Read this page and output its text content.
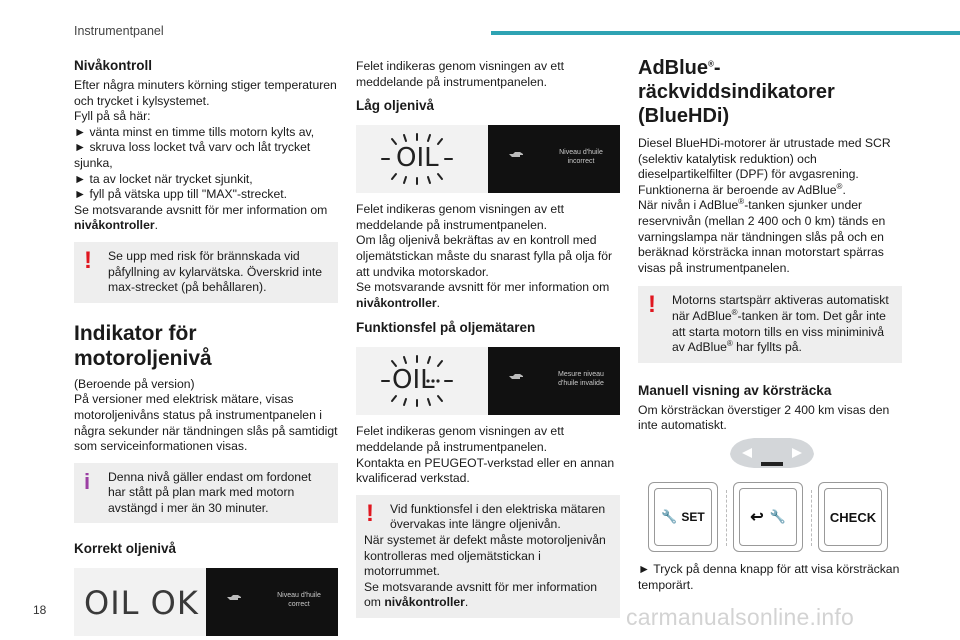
Instrumentpanel
Nivåkontroll

Efter några minuters körning stiger temperaturen och trycket i kylsystemet.

Fyll på så här:

► vänta minst en timme tills motorn kylts av,

► skruva loss locket två varv och låt trycket sjunka,

► ta av locket när trycket sjunkit,

► fyll på vätska upp till "MAX"-strecket.

Se motsvarande avsnitt för mer information om nivåkontroller.

!	Se upp med risk för brännskada vid påfyllning av kylarvätska. Överskrid inte max-strecket (på behållaren).

Indikator för motoroljenivå

(Beroende på version)

På versioner med elektrisk mätare, visas motoroljenivåns status på instrumentpanelen i några sekunder när tändningen slås på samtidigt som serviceinformationen visas.

i	Denna nivå gäller endast om fordonet har stått på plan mark med motorn avstängd i mer än 30 minuter.

Korrekt oljenivå
OIL OK	Niveau d'huile correct

Felet indikeras genom visningen av ett meddelande på instrumentpanelen.

Låg oljenivå
OIL	Niveau d'huile incorrect

Felet indikeras genom visningen av ett meddelande på instrumentpanelen.

Om låg oljenivå bekräftas av en kontroll med oljemätstickan måste du snarast fylla på olja för att undvika motorskador.

Se motsvarande avsnitt för mer information om nivåkontroller.

Funktionsfel på oljemätaren
OIL	Mesure niveau d'huile invalide

Felet indikeras genom visningen av ett meddelande på instrumentpanelen.

Kontakta en PEUGEOT-verkstad eller en annan kvalificerad verkstad.

!	Vid funktionsfel i den elektriska mätaren övervakas inte längre oljenivån.

När systemet är defekt måste motoroljenivån kontrolleras med oljemätstickan i motorrummet.

Se motsvarande avsnitt för mer information om nivåkontroller.

AdBlue®-
räckviddsindikatorer
(BlueHDi)

Diesel BlueHDi-motorer är utrustade med SCR (selektiv katalytisk reduktion) och dieselpartikelfilter (DPF) för avgasrening.

Funktionerna är beroende av AdBlue®.

När nivån i AdBlue®-tanken sjunker under reservnivån (mellan 2 400 och 0 km) tänds en varningslampa när tändningen slås på och en beräknad körsträcka innan motorstart spärras visas på instrumentpanelen.

!	Motorns startspärr aktiveras automatiskt när AdBlue®-tanken är tom. Det går inte att starta motorn tills en viss miniminivå av AdBlue® har fyllts på.

Manuell visning av körsträcka

Om körsträckan överstiger 2 400 km visas den inte automatiskt.

🔧 SET	↩ 🔧	CHECK

► Tryck på denna knapp för att visa körsträckan temporärt.

18	carmanualsonline.info
